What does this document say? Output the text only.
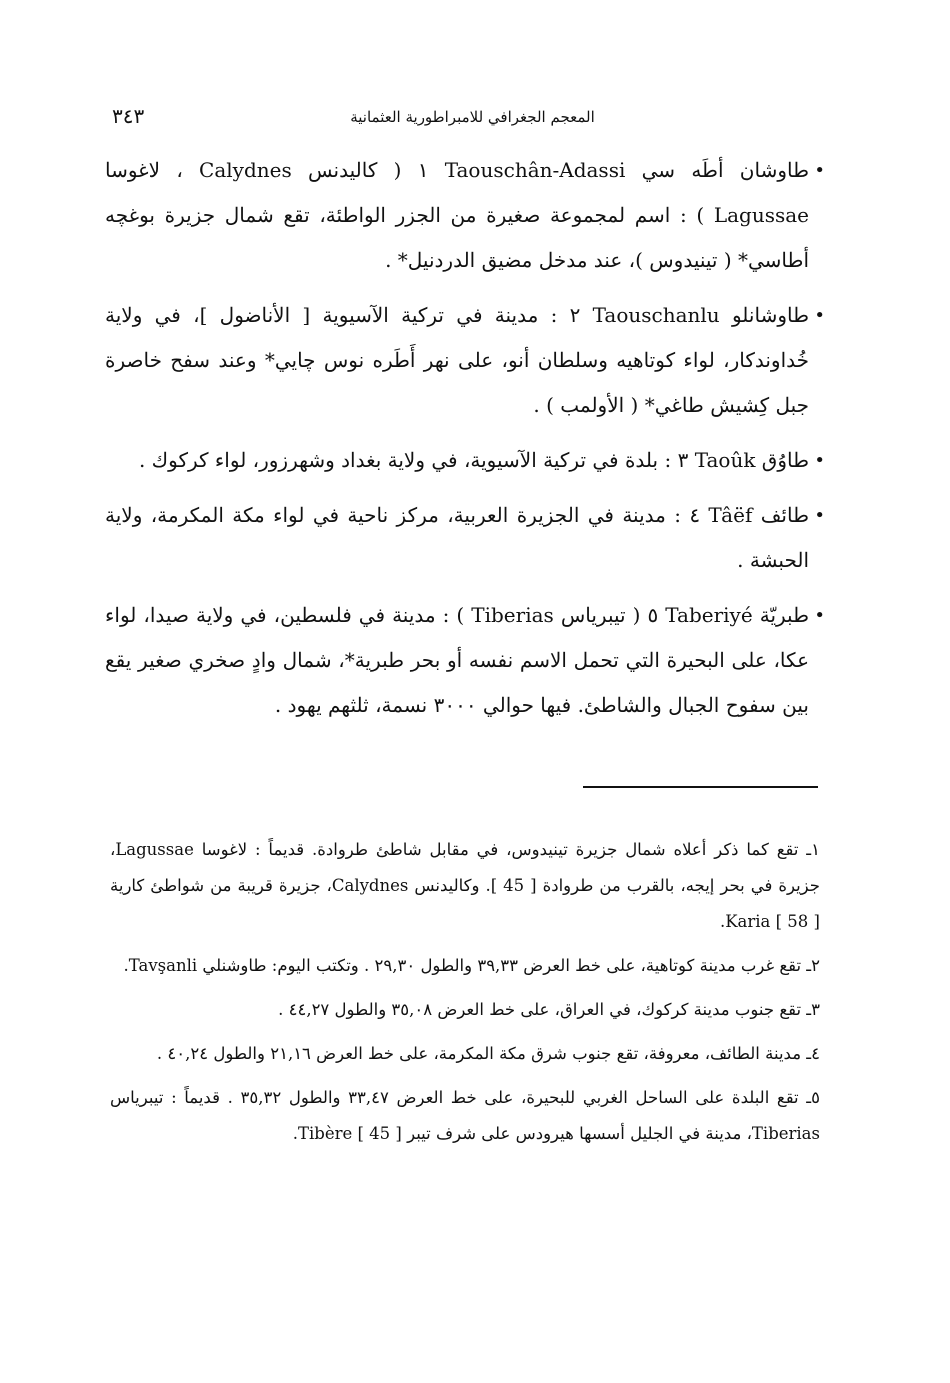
المعجم الجغرافي للامبراطورية العثمانية
٣٤٣
•
طاوشان أطَه سي Taouschân-Adassi ١ ( كاليدنس Calydnes ، لاغوسا Lagussae ) : اسم لمجموعة صغيرة من الجزر الواطئة، تقع شمال جزيرة بوغچه أطاسي* ( تينيدوس )، عند مدخل مضيق الدردنيل* .
•
طاوشانلو Taouschanlu ٢ : مدينة في تركية الآسيوية [ الأناضول ]، في ولاية خُداوندكار، لواء كوتاهيه وسلطان أنو، على نهر أَطَره نوس چايي* وعند سفح خاصرة جبل كِشيش طاغي* ( الأولمب ) .
•
طاوُق Taoûk ٣ : بلدة في تركية الآسيوية، في ولاية بغداد وشهرزور، لواء كركوك .
•
طائف Tâëf ٤ : مدينة في الجزيرة العربية، مركز ناحية في لواء مكة المكرمة، ولاية الحبشة .
•
طبريّة Taberiyé ٥ ( تيبرياس Tiberias ) : مدينة في فلسطين، في ولاية صيدا، لواء عكا، على البحيرة التي تحمل الاسم نفسه أو بحر طبرية*، شمال وادٍ صخري صغير يقع بين سفوح الجبال والشاطئ. فيها حوالي ٣٠٠٠ نسمة، ثلثهم يهود .
١ـ تقع كما ذكر أعلاه شمال جزيرة تينيدوس، في مقابل شاطئ طروادة. قديماً : لاغوسا Lagussae، جزيرة في بحر إيجه، بالقرب من طروادة [ 45 ]. وكاليدنس Calydnes، جزيرة قريبة من شواطئ كارية Karia [ 58 ].
٢ـ تقع غرب مدينة كوتاهية، على خط العرض ٣٩,٣٣ والطول ٢٩,٣٠ . وتكتب اليوم: طاوشنلي Tavşanli.
٣ـ تقع جنوب مدينة كركوك، في العراق، على خط العرض ٣٥,٠٨ والطول ٤٤,٢٧ .
٤ـ مدينة الطائف، معروفة، تقع جنوب شرق مكة المكرمة، على خط العرض ٢١,١٦ والطول ٤٠,٢٤ .
٥ـ تقع البلدة على الساحل الغربي للبحيرة، على خط العرض ٣٣,٤٧ والطول ٣٥,٣٢ . قديماً : تيبرياس Tiberias، مدينة في الجليل أسسها هيرودس على شرف تيبر Tibère [ 45 ].
